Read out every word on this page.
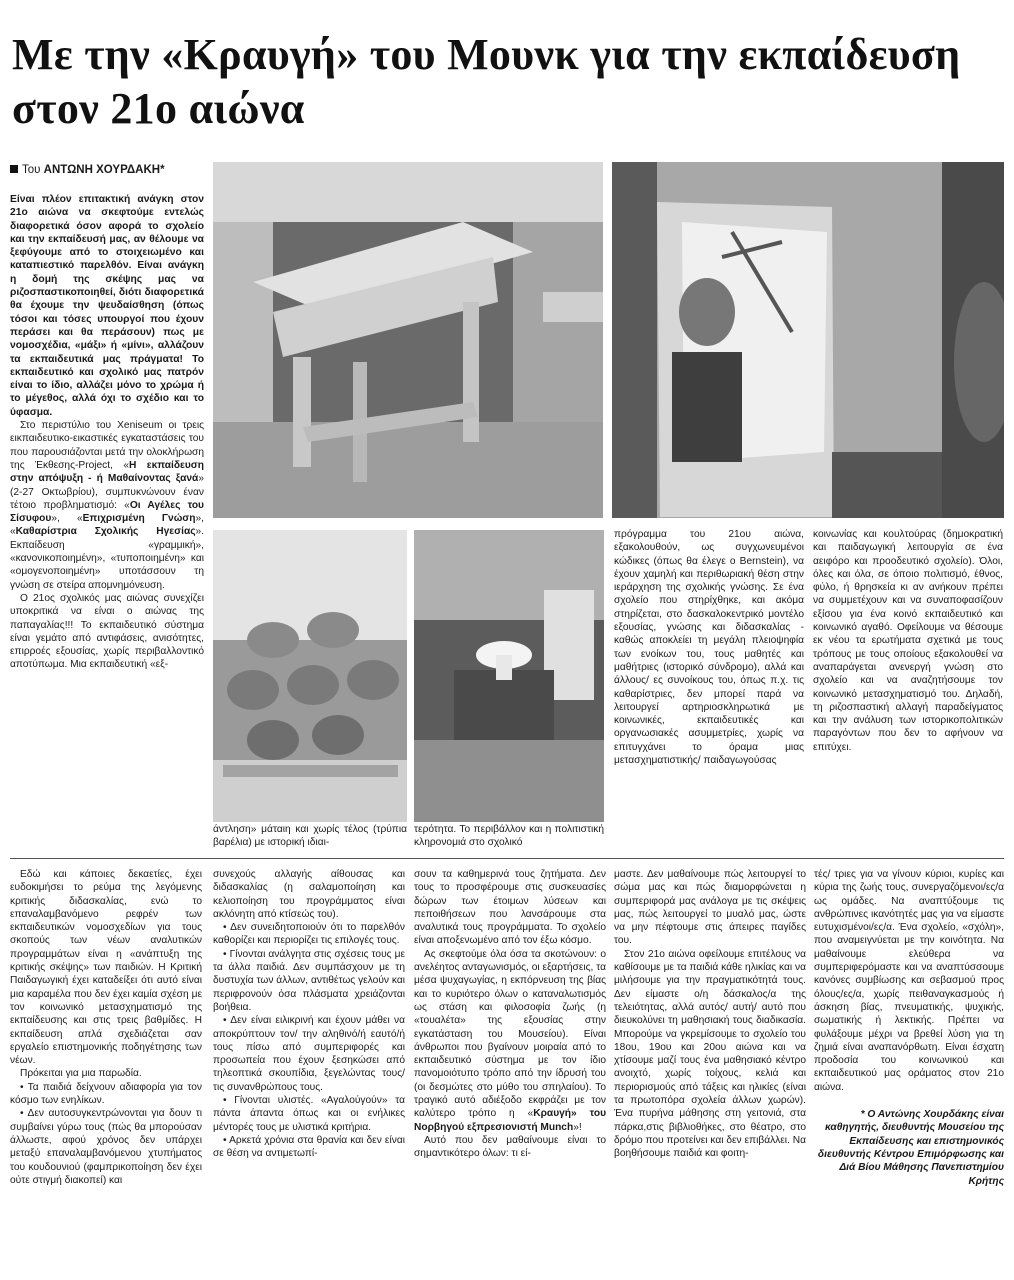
Με την «Κραυγή» του Μουνκ για την εκπαίδευση στον 21ο αιώνα
Του ΑΝΤΩΝΗ ΧΟΥΡΔΑΚΗ*

Είναι πλέον επιτακτική ανάγκη στον 21ο αιώνα να σκεφτούμε εντελώς διαφορετικά όσον αφορά το σχολείο και την εκπαίδευσή μας, αν θέλουμε να ξεφύγουμε από το στοιχειωμένο και καταπιεστικό παρελθόν. Είναι ανάγκη η δομή της σκέψης μας να ριζοσπαστικοποιηθεί, διότι διαφορετικά θα έχουμε την ψευδαίσθηση (όπως τόσοι και τόσες υπουργοί που έχουν περάσει και θα περάσουν) πως με νομοσχέδια, «μάξι» ή «μίνι», αλλάζουν τα εκπαιδευτικά μας πράγματα! Το εκπαιδευτικό και σχολικό μας πατρόν είναι το ίδιο, αλλάζει μόνο το χρώμα ή το μέγεθος, αλλά όχι το σχέδιο και το ύφασμα.

Στο περιστύλιο του Xeniseum οι τρεις εικπαιδευτικο-εικαστικές εγκαταστάσεις του που παρουσιάζονται μετά την ολοκλήρωση της Έκθεσης-Project, «Η εκπαίδευση στην απόψυξη - ή Μαθαίνοντας ξανά» (2-27 Οκτωβρίου), συμπυκνώνουν έναν τέτοιο προβληματισμό: «Οι Αγέλες του Σίσυφου», «Επιχρισμένη Γνώση», «Καθαρίστρια Σχολικής Ηγεσίας». Εκπαίδευση «γραμμική», «κανονικοποιημένη», «τυποποιημένη» και «ομογενοποιημένη» υποτάσσουν τη γνώση σε στείρα απομνημόνευση.

Ο 21ος σχολικός μας αιώνας συνεχίζει υποκριτικά να είναι ο αιώνας της παπαγαλίας!!! Το εκπαιδευτικό σύστημα είναι γεμάτο από αντιφάσεις, ανισότητες, επιρροές εξουσίας, χωρίς περιβαλλοντικό αποτύπωμα. Μια εκπαιδευτική «εξ-

άντληση» μάταιη και χωρίς τέλος (τρύπια βαρέλια) με ιστορική ιδιαι-

τερότητα. Το περιβάλλον και η πολιτιστική κληρονομιά στο σχολικό

πρόγραμμα του 21ου αιώνα, εξακολουθούν, ως συγχωνευμένοι κώδικες (όπως θα έλεγε ο Bernstein), να έχουν χαμηλή και περιθωριακή θέση στην ιεράρχηση της σχολικής γνώσης. Σε ένα σχολείο που στηρίχθηκε, και ακόμα στηρίζεται, στο δασκαλοκεντρικό μοντέλο εξουσίας, γνώσης και διδασκαλίας - καθώς αποκλείει τη μεγάλη πλειοψηφία των ενοίκων του, τους μαθητές και μαθήτριες (ιστορικό σύνδρομο), αλλά και άλλους/ ες συνοίκους του, όπως π.χ. τις καθαρίστριες, δεν μπορεί παρά να λειτουργεί αρτηριοσκληρωτικά με κοινωνικές, εκπαιδευτικές και οργανωσιακές ασυμμετρίες, χωρίς να επιτυγχάνει το όραμα μιας μετασχηματιστικής/ παιδαγωγούσας

κοινωνίας και κουλτούρας (δημοκρατική και παιδαγωγική λειτουργία σε ένα αειφόρο και προοδευτικό σχολείο). Όλοι, όλες και όλα, σε όποιο πολιτισμό, έθνος, φύλο, ή θρησκεία κι αν ανήκουν πρέπει να συμμετέχουν και να συναποφασίζουν εξίσου για ένα κοινό εκπαιδευτικό και κοινωνικό αγαθό. Οφείλουμε να θέσουμε εκ νέου τα ερωτήματα σχετικά με τους τρόπους με τους οποίους εξακολουθεί να αναπαράγεται ανενεργή γνώση στο σχολείο και να αναζητήσουμε τον κοινωνικό μετασχηματισμό του. Δηλαδή, τη ριζοσπαστική αλλαγή παραδείγματος και την ανάλυση των ιστορικοπολιτικών παραγόντων που δεν το αφήνουν να επιτύχει.

Εδώ και κάποιες δεκαετίες, έχει ευδοκιμήσει το ρεύμα της λεγόμενης κριτικής διδασκαλίας, ενώ το επαναλαμβανόμενο ρεφρέν των εκπαιδευτικών νομοσχεδίων για τους σκοπούς των νέων αναλυτικών προγραμμάτων είναι η «ανάπτυξη της κριτικής σκέψης» των παιδιών. Η Κριτική Παιδαγωγική έχει καταδείξει ότι αυτό είναι μια καραμέλα που δεν έχει καμία σχέση με τον κοινωνικό μετασχηματισμό της εκπαίδευσης και στις τρεις βαθμίδες. Η εκπαίδευση απλά σχεδιάζεται σαν εργαλείο επιστημονικής ποδηγέτησης των νέων.

Πρόκειται για μια παρωδία.

• Τα παιδιά δείχνουν αδιαφορία για τον κόσμο των ενηλίκων.

• Δεν αυτοσυγκεντρώνονται για δουν τι συμβαίνει γύρω τους (πώς θα μπορούσαν άλλωστε, αφού χρόνος δεν υπάρχει μεταξύ επαναλαμβανόμενου χτυπήματος του κουδουνιού (φαμπρικοποίηση δεν έχει ούτε στιγμή διακοπεί) και

συνεχούς αλλαγής αίθουσας και διδασκαλίας (η σαλαμοποίηση και κελιοποίηση του προγράμματος είναι ακλόνητη από κτίσεώς του).

• Δεν συνειδητοποιούν ότι το παρελθόν καθορίζει και περιορίζει τις επιλογές τους.

• Γίνονται ανάλγητα στις σχέσεις τους με τα άλλα παιδιά. Δεν συμπάσχουν με τη δυστυχία των άλλων, αντιθέτως γελούν και περιφρονούν όσα πλάσματα χρειάζονται βοήθεια.

• Δεν είναι ειλικρινή και έχουν μάθει να αποκρύπτουν τον/ την αληθινό/ή εαυτό/ή τους πίσω από συμπεριφορές και προσωπεία που έχουν ξεσηκώσει από τηλεοπτικά σκουπίδια, ξεγελώντας τους/ τις συνανθρώπους τους.

• Γίνονται υλιστές. «Αγαλούγούν» τα πάντα άπαντα όπως και οι ενήλικες μέντορές τους με υλιστικά κριτήρια.

• Αρκετά χρόνια στα θρανία και δεν είναι σε θέση να αντιμετωπί-

σουν τα καθημερινά τους ζητήματα. Δεν τους το προσφέρουμε στις συσκευασίες δώρων των έτοιμων λύσεων και πεποιθήσεων που λανσάρουμε στα αναλυτικά τους προγράμματα. Το σχολείο είναι αποξενωμένο από τον έξω κόσμο.

Ας σκεφτούμε όλα όσα τα σκοτώνουν: ο ανελέητος ανταγωνισμός, οι εξαρτήσεις, τα μέσα ψυχαγωγίας, η εκπόρνευση της βίας και το κυριότερο όλων ο καταναλωτισμός ως στάση και φιλοσοφία ζωής (η «τουαλέτα» της εξουσίας στην εγκατάσταση του Μουσείου). Είναι άνθρωποι που βγαίνουν μοιραία από το εκπαιδευτικό σύστημα με τον ίδιο πανομοιότυπο τρόπο από την ίδρυσή του (οι δεσμώτες στο μύθο του σπηλαίου). Το τραγικό αυτό αδιέξοδο εκφράζει με τον καλύτερο τρόπο η «Κραυγή» του Νορβηγού εξπρεσιονιστή Munch»!

Αυτό που δεν μαθαίνουμε είναι το σημαντικότερο όλων: τι εί-

μαστε. Δεν μαθαίνουμε πώς λειτουργεί το σώμα μας και πώς διαμορφώνεται η συμπεριφορά μας ανάλογα με τις σκέψεις μας, πώς λειτουργεί το μυαλό μας, ώστε να μην πέφτουμε στις άπειρες παγίδες του.

Στον 21ο αιώνα οφείλουμε επιτέλους να καθίσουμε με τα παιδιά κάθε ηλικίας και να μιλήσουμε για την πραγματικότητά τους. Δεν είμαστε ο/η δάσκαλος/α της τελειότητας, αλλά αυτός/ αυτή/ αυτό που διευκολύνει τη μαθησιακή τους διαδικασία. Μπορούμε να γκρεμίσουμε το σχολείο του 18ου, 19ου και 20ου αιώνα και να χτίσουμε μαζί τους ένα μαθησιακό κέντρο ανοιχτό, χωρίς τοίχους, κελιά και περιορισμούς από τάξεις και ηλικίες (είναι τα πρωτοπόρα σχολεία άλλων χωρών). Ένα πυρήνα μάθησης στη γειτονιά, στα πάρκα,στις βιβλιοθήκες, στο θέατρο, στο δρόμο που προτείνει και δεν επιβάλλει. Να βοηθήσουμε παιδιά και φοιτη-

τές/ τριες για να γίνουν κύριοι, κυρίες και κύρια της ζωής τους, συνεργαζόμενοι/ες/α ως ομάδες. Να αναπτύξουμε τις ανθρώπινες ικανότητές μας για να είμαστε ευτυχισμένοι/ες/α. Ένα σχολείο, «σχόλη», που αναμειγνύεται με την κοινότητα. Να μαθαίνουμε ελεύθερα να συμπεριφερόμαστε και να αναπτύσσουμε κανόνες συμβίωσης και σεβασμού προς όλους/ες/α, χωρίς πειθαναγκασμούς ή άσκηση βίας, πνευματικής, ψυχικής, σωματικής ή λεκτικής. Πρέπει να φυλάξουμε μέχρι να βρεθεί λύση για τη ζημιά είναι αναπανόρθωτη. Είναι έσχατη προδοσία του κοινωνικού και εκπαιδευτικού μας οράματος στον 21ο αιώνα.

* Ο Αντώνης Χουρδάκης είναι καθηγητής, διευθυντής Μουσείου της Εκπαίδευσης και επιστημονικός διευθυντής Κέντρου Επιμόρφωσης και Διά Βίου Μάθησης Πανεπιστημίου Κρήτης
